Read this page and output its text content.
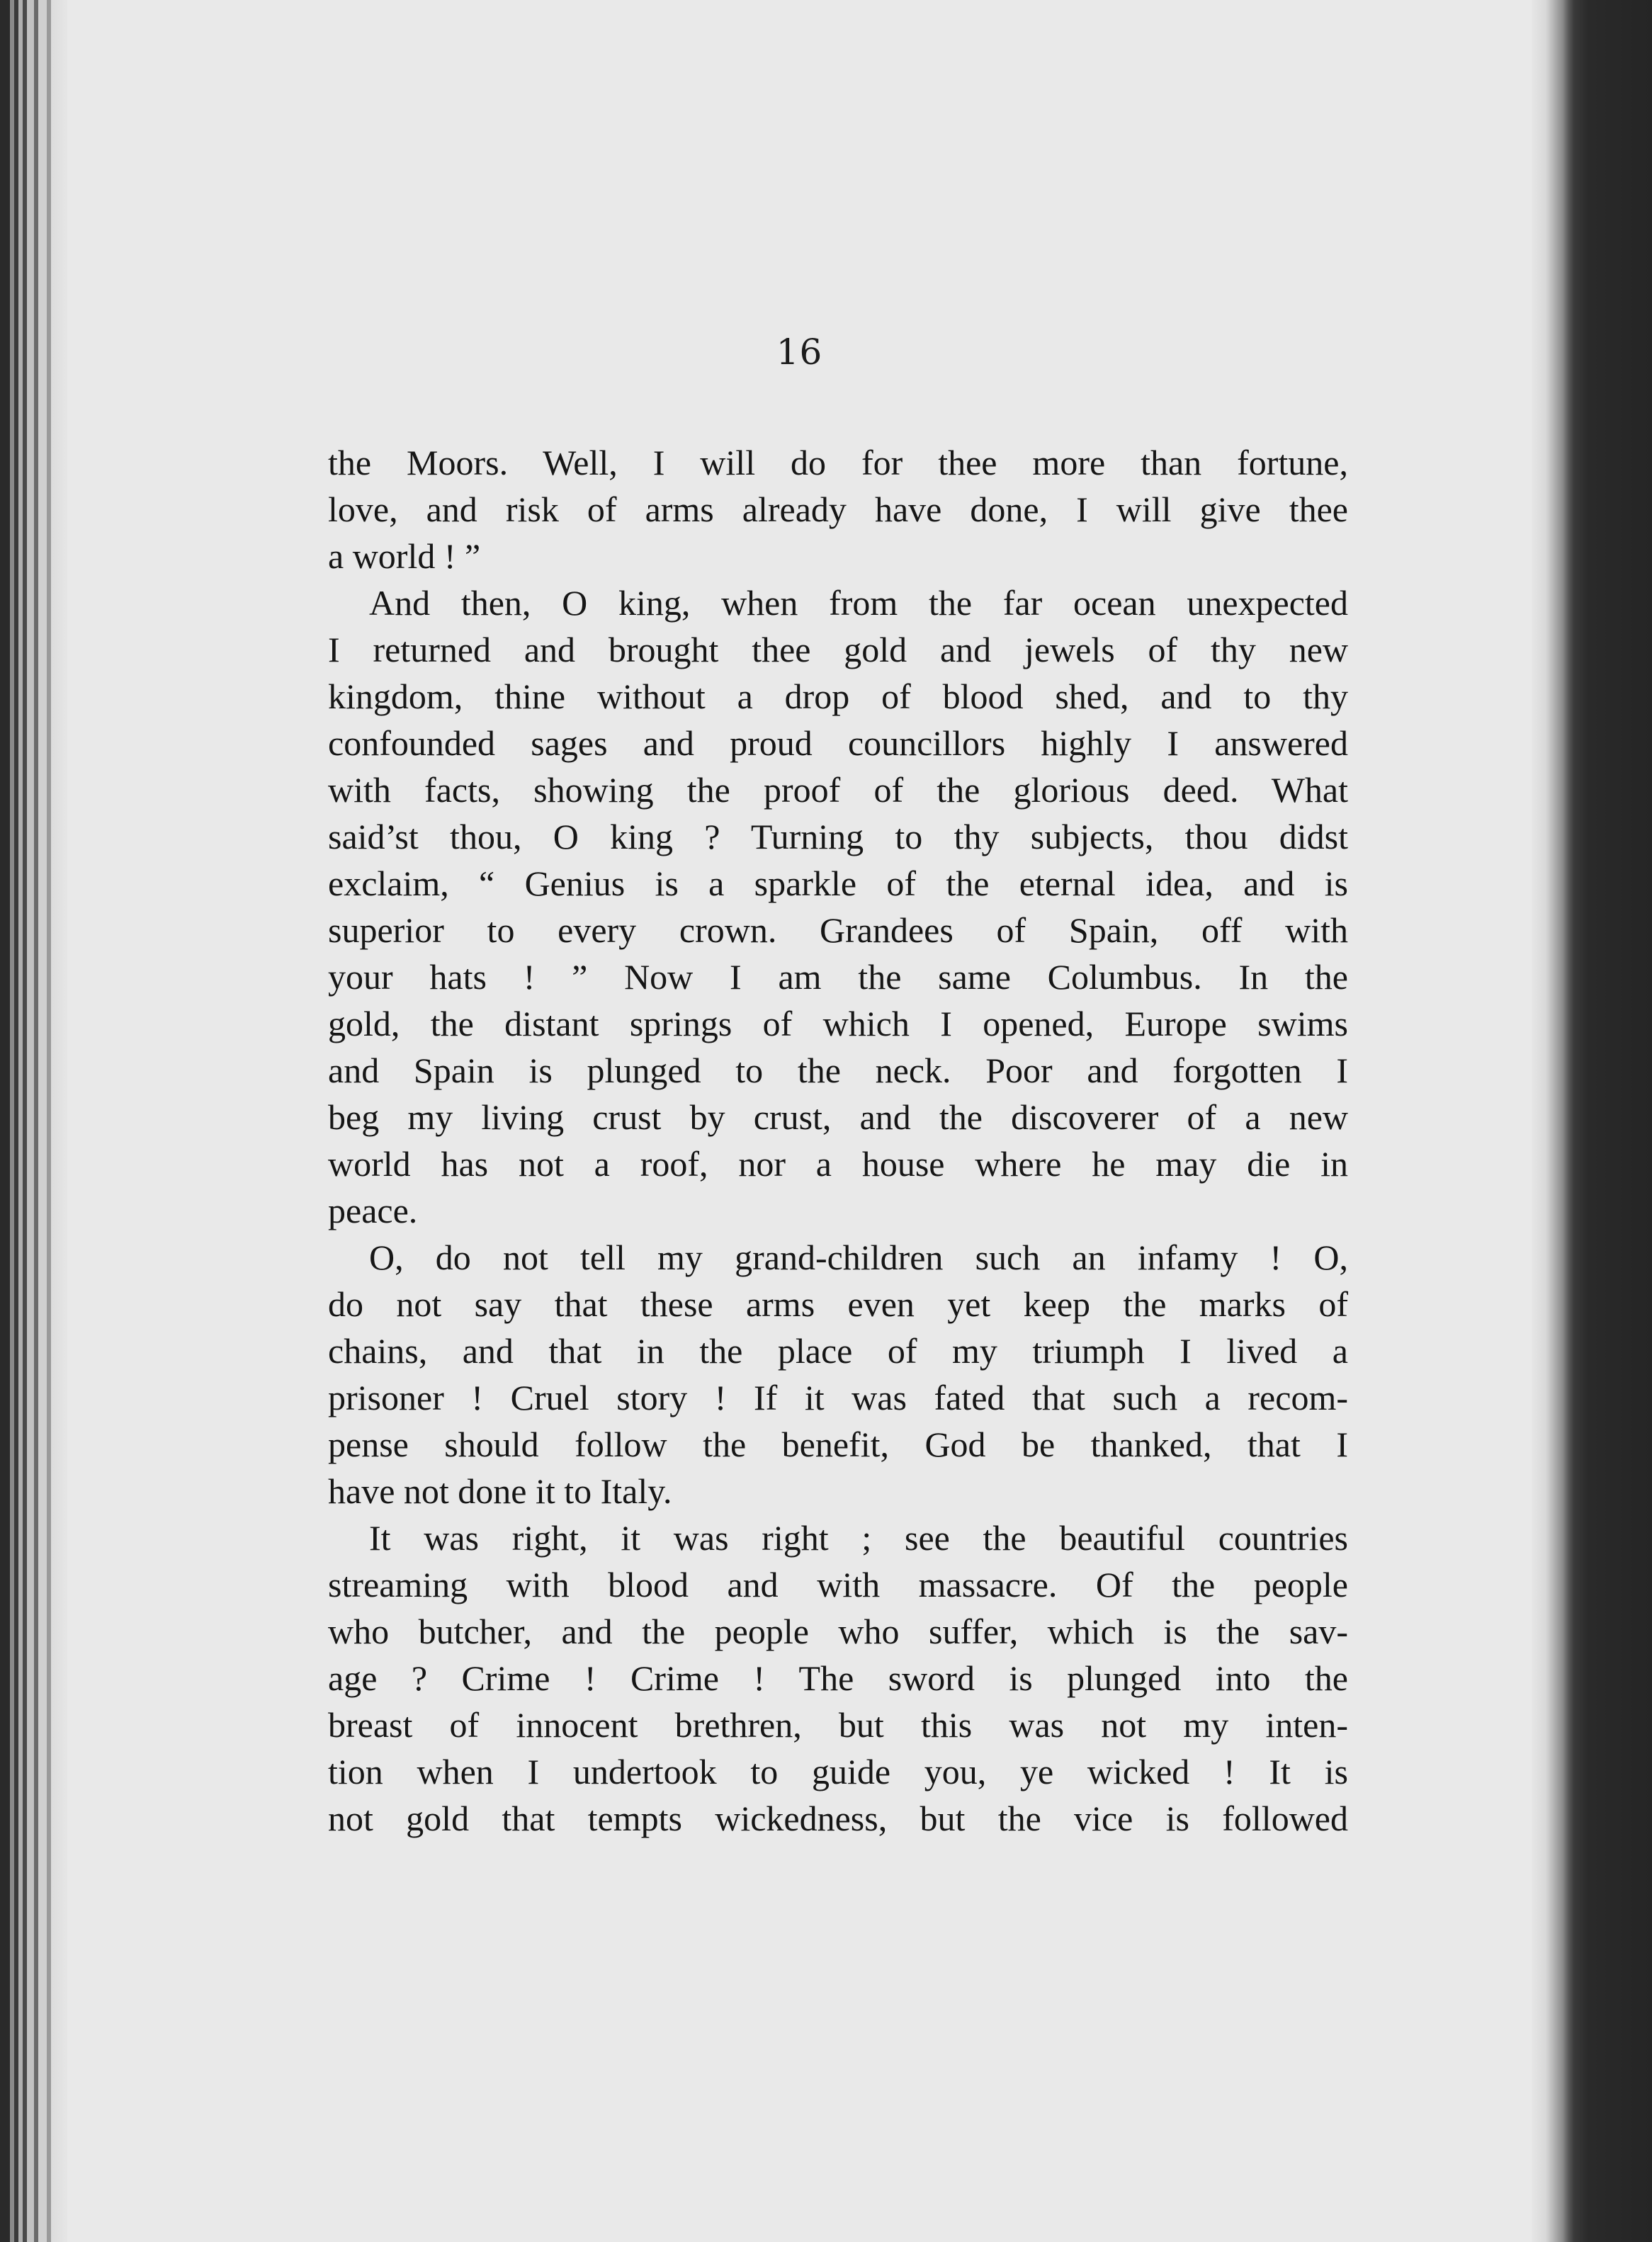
16
the Moors. Well, I will do for thee more than fortune,
love, and risk of arms already have done, I will give thee
a world ! ”
And then, O king, when from the far ocean unexpected
I returned and brought thee gold and jewels of thy new
kingdom, thine without a drop of blood shed, and to thy
confounded sages and proud councillors highly I answered
with facts, showing the proof of the glorious deed. What
said’st thou, O king ? Turning to thy subjects, thou didst
exclaim, “ Genius is a sparkle of the eternal idea, and is
superior to every crown. Grandees of Spain, off with
your hats ! ” Now I am the same Columbus. In the
gold, the distant springs of which I opened, Europe swims
and Spain is plunged to the neck. Poor and forgotten I
beg my living crust by crust, and the discoverer of a new
world has not a roof, nor a house where he may die in
peace.
O, do not tell my grand-children such an infamy ! O,
do not say that these arms even yet keep the marks of
chains, and that in the place of my triumph I lived a
prisoner ! Cruel story ! If it was fated that such a recom-
pense should follow the benefit, God be thanked, that I
have not done it to Italy.
It was right, it was right ; see the beautiful countries
streaming with blood and with massacre. Of the people
who butcher, and the people who suffer, which is the sav-
age ? Crime ! Crime ! The sword is plunged into the
breast of innocent brethren, but this was not my inten-
tion when I undertook to guide you, ye wicked ! It is
not gold that tempts wickedness, but the vice is followed
